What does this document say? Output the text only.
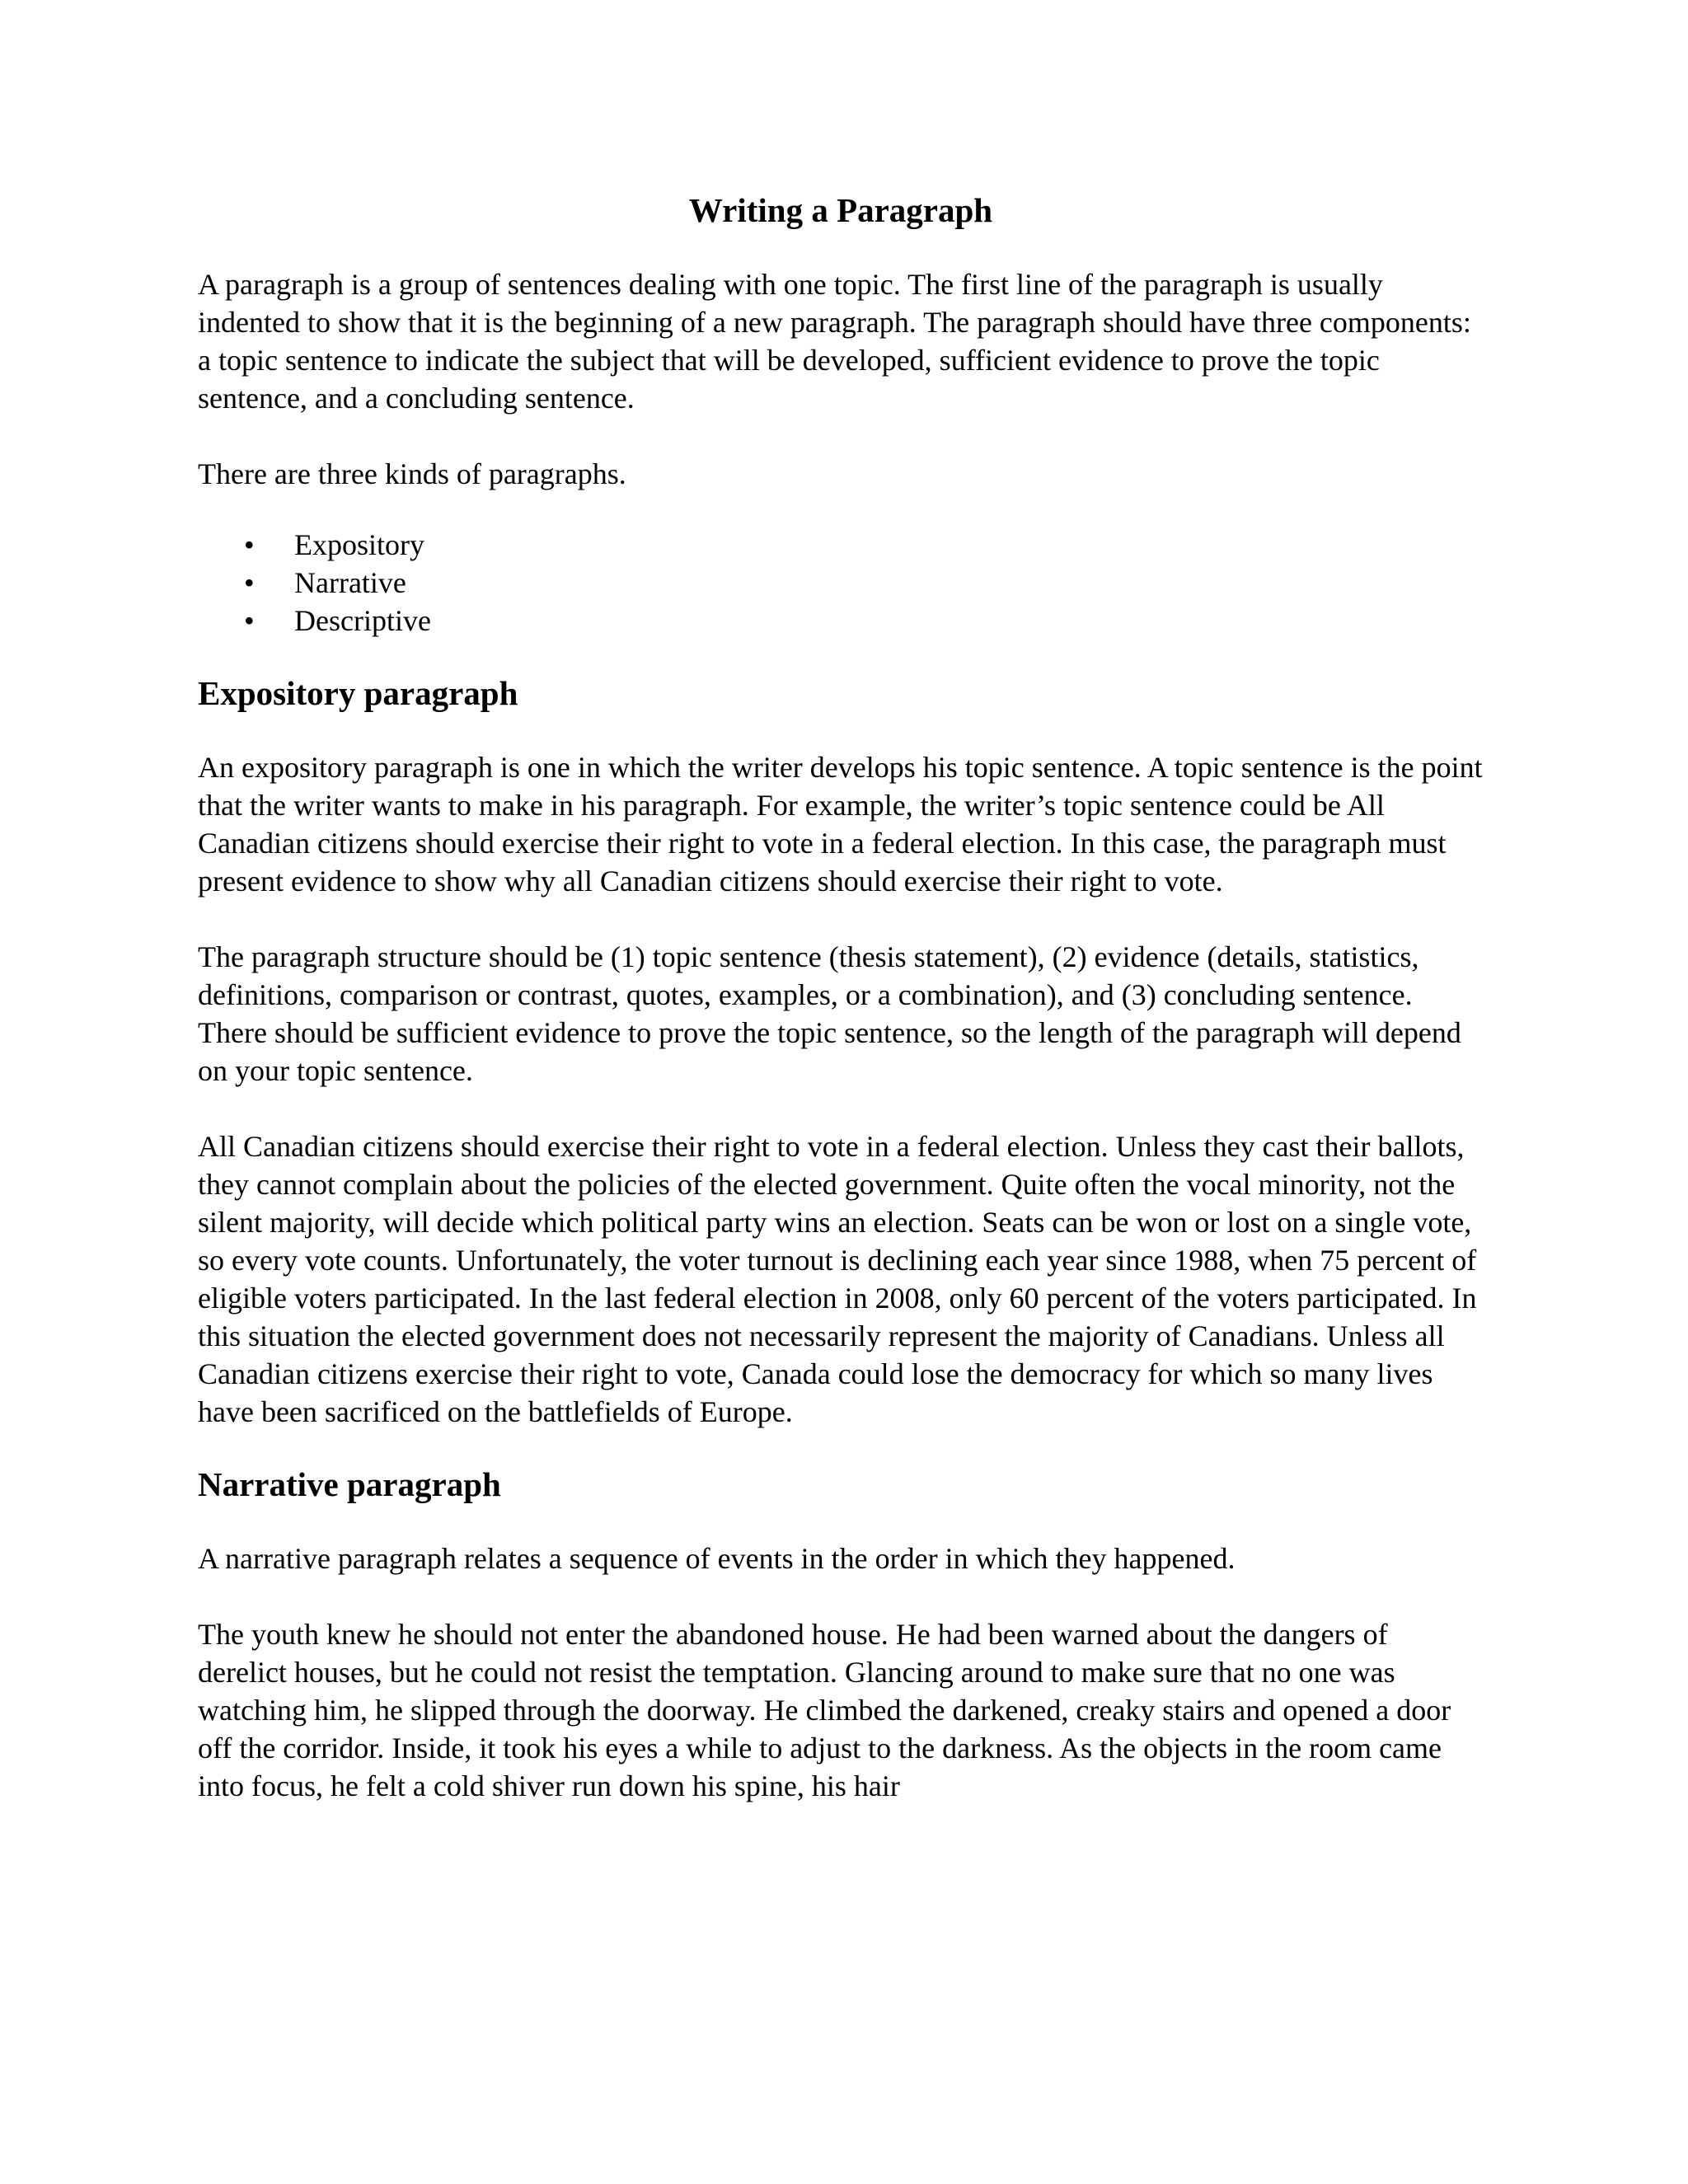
Writing a Paragraph

A paragraph is a group of sentences dealing with one topic. The first line of the paragraph is usually indented to show that it is the beginning of a new paragraph. The paragraph should have three components: a topic sentence to indicate the subject that will be developed, sufficient evidence to prove the topic sentence, and a concluding sentence.

There are three kinds of paragraphs.

• Expository
• Narrative
• Descriptive
Expository paragraph

An expository paragraph is one in which the writer develops his topic sentence. A topic sentence is the point that the writer wants to make in his paragraph. For example, the writer’s topic sentence could be All Canadian citizens should exercise their right to vote in a federal election. In this case, the paragraph must present evidence to show why all Canadian citizens should exercise their right to vote.

The paragraph structure should be (1) topic sentence (thesis statement), (2) evidence (details, statistics, definitions, comparison or contrast, quotes, examples, or a combination), and (3) concluding sentence. There should be sufficient evidence to prove the topic sentence, so the length of the paragraph will depend on your topic sentence.

All Canadian citizens should exercise their right to vote in a federal election. Unless they cast their ballots, they cannot complain about the policies of the elected government. Quite often the vocal minority, not the silent majority, will decide which political party wins an election. Seats can be won or lost on a single vote, so every vote counts. Unfortunately, the voter turnout is declining each year since 1988, when 75 percent of eligible voters participated. In the last federal election in 2008, only 60 percent of the voters participated. In this situation the elected government does not necessarily represent the majority of Canadians. Unless all Canadian citizens exercise their right to vote, Canada could lose the democracy for which so many lives have been sacrificed on the battlefields of Europe.

Narrative paragraph

A narrative paragraph relates a sequence of events in the order in which they happened.

The youth knew he should not enter the abandoned house. He had been warned about the dangers of derelict houses, but he could not resist the temptation. Glancing around to make sure that no one was watching him, he slipped through the doorway. He climbed the darkened, creaky stairs and opened a door off the corridor. Inside, it took his eyes a while to adjust to the darkness. As the objects in the room came into focus, he felt a cold shiver run down his spine, his hair
